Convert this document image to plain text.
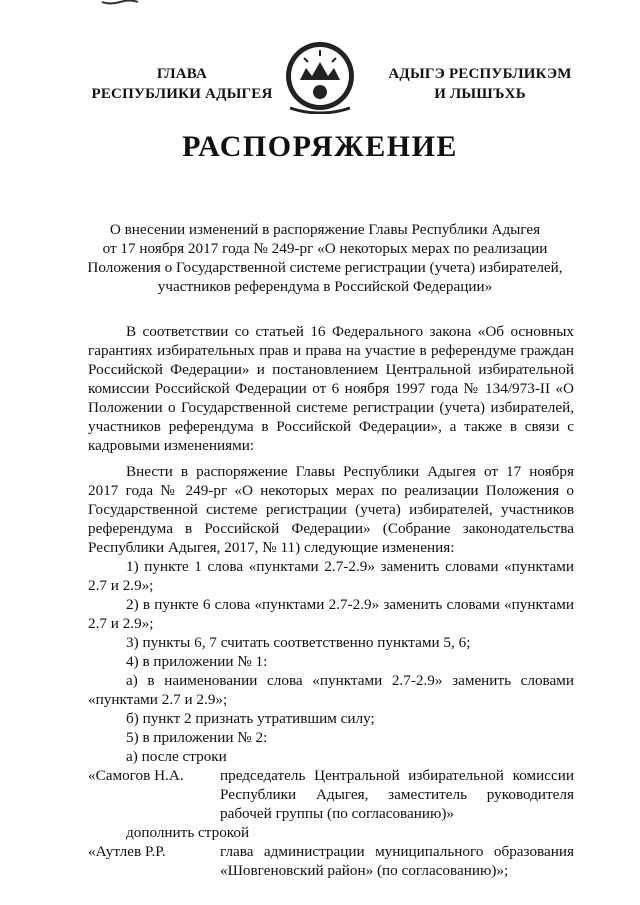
ГЛАВА
РЕСПУБЛИКИ АДЫГЕЯ
АДЫГЭ РЕСПУБЛИКЭМ
И ЛЫШЪХЬ
РАСПОРЯЖЕНИЕ
О внесении изменений в распоряжение Главы Республики Адыгея
от 17 ноября 2017 года № 249-рг «О некоторых мерах по реализации
Положения о Государственной системе регистрации (учета) избирателей,
участников референдума в Российской Федерации»

В соответствии со статьей 16 Федерального закона «Об основных гарантиях избирательных прав и права на участие в референдуме граждан Российской Федерации» и постановлением Центральной избирательной комиссии Российской Федерации от 6 ноября 1997 года № 134/973-II «О Положении о Государственной системе регистрации (учета) избирателей, участников референдума в Российской Федерации», а также в связи с кадровыми изменениями:

Внести в распоряжение Главы Республики Адыгея от 17 ноября 2017 года № 249-рг «О некоторых мерах по реализации Положения о Государственной системе регистрации (учета) избирателей, участников референдума в Российской Федерации» (Собрание законодательства Республики Адыгея, 2017, № 11) следующие изменения:

1) пункте 1 слова «пунктами 2.7-2.9» заменить словами «пунктами 2.7 и 2.9»;

2) в пункте 6 слова «пунктами 2.7-2.9» заменить словами «пунктами 2.7 и 2.9»;

3) пункты 6, 7 считать соответственно пунктами 5, 6;

4) в приложении № 1:

а) в наименовании слова «пунктами 2.7-2.9» заменить словами «пунктами 2.7 и 2.9»;

б) пункт 2 признать утратившим силу;

5) в приложении № 2:

а) после строки

«Самогов Н.А.	председатель Центральной избирательной комиссии Республики Адыгея, заместитель руководителя рабочей группы (по согласованию)»

дополнить строкой

«Аутлев Р.Р.	глава администрации муниципального образования «Шовгеновский район» (по согласованию)»;
